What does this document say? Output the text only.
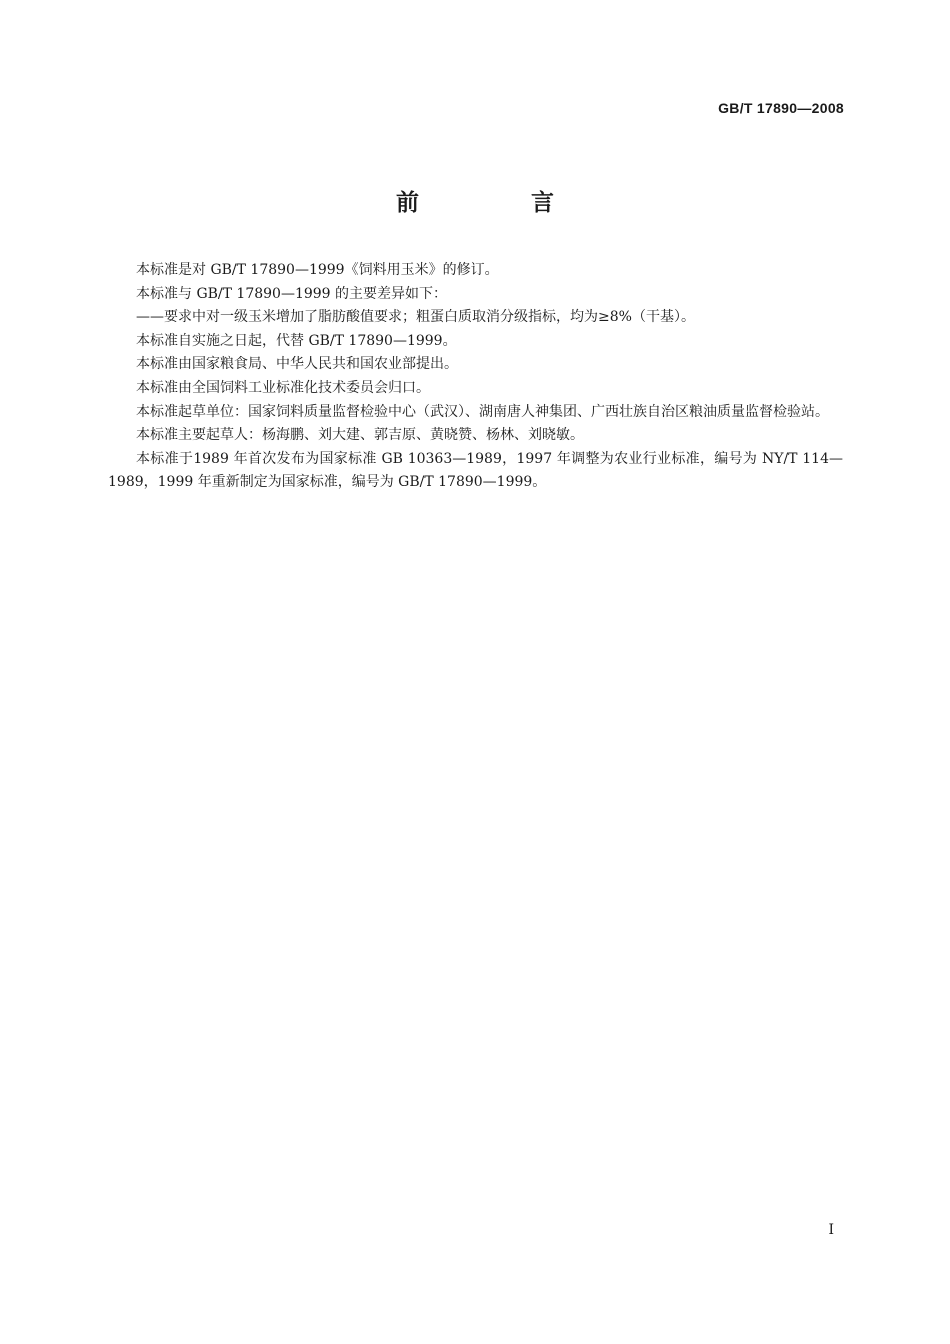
GB/T 17890—2008
前 言

本标准是对 GB/T 17890—1999《饲料用玉米》的修订。

本标准与 GB/T 17890—1999 的主要差异如下：

——要求中对一级玉米增加了脂肪酸值要求；粗蛋白质取消分级指标，均为≥8%（干基）。

本标准自实施之日起，代替 GB/T 17890—1999。

本标准由国家粮食局、中华人民共和国农业部提出。

本标准由全国饲料工业标准化技术委员会归口。

本标准起草单位：国家饲料质量监督检验中心（武汉）、湖南唐人神集团、广西壮族自治区粮油质量监督检验站。

本标准主要起草人：杨海鹏、刘大建、郭吉原、黄晓赞、杨林、刘晓敏。

本标准于1989 年首次发布为国家标准 GB 10363—1989，1997 年调整为农业行业标准，编号为 NY/T 114—1989，1999 年重新制定为国家标准，编号为 GB/T 17890—1999。

I
